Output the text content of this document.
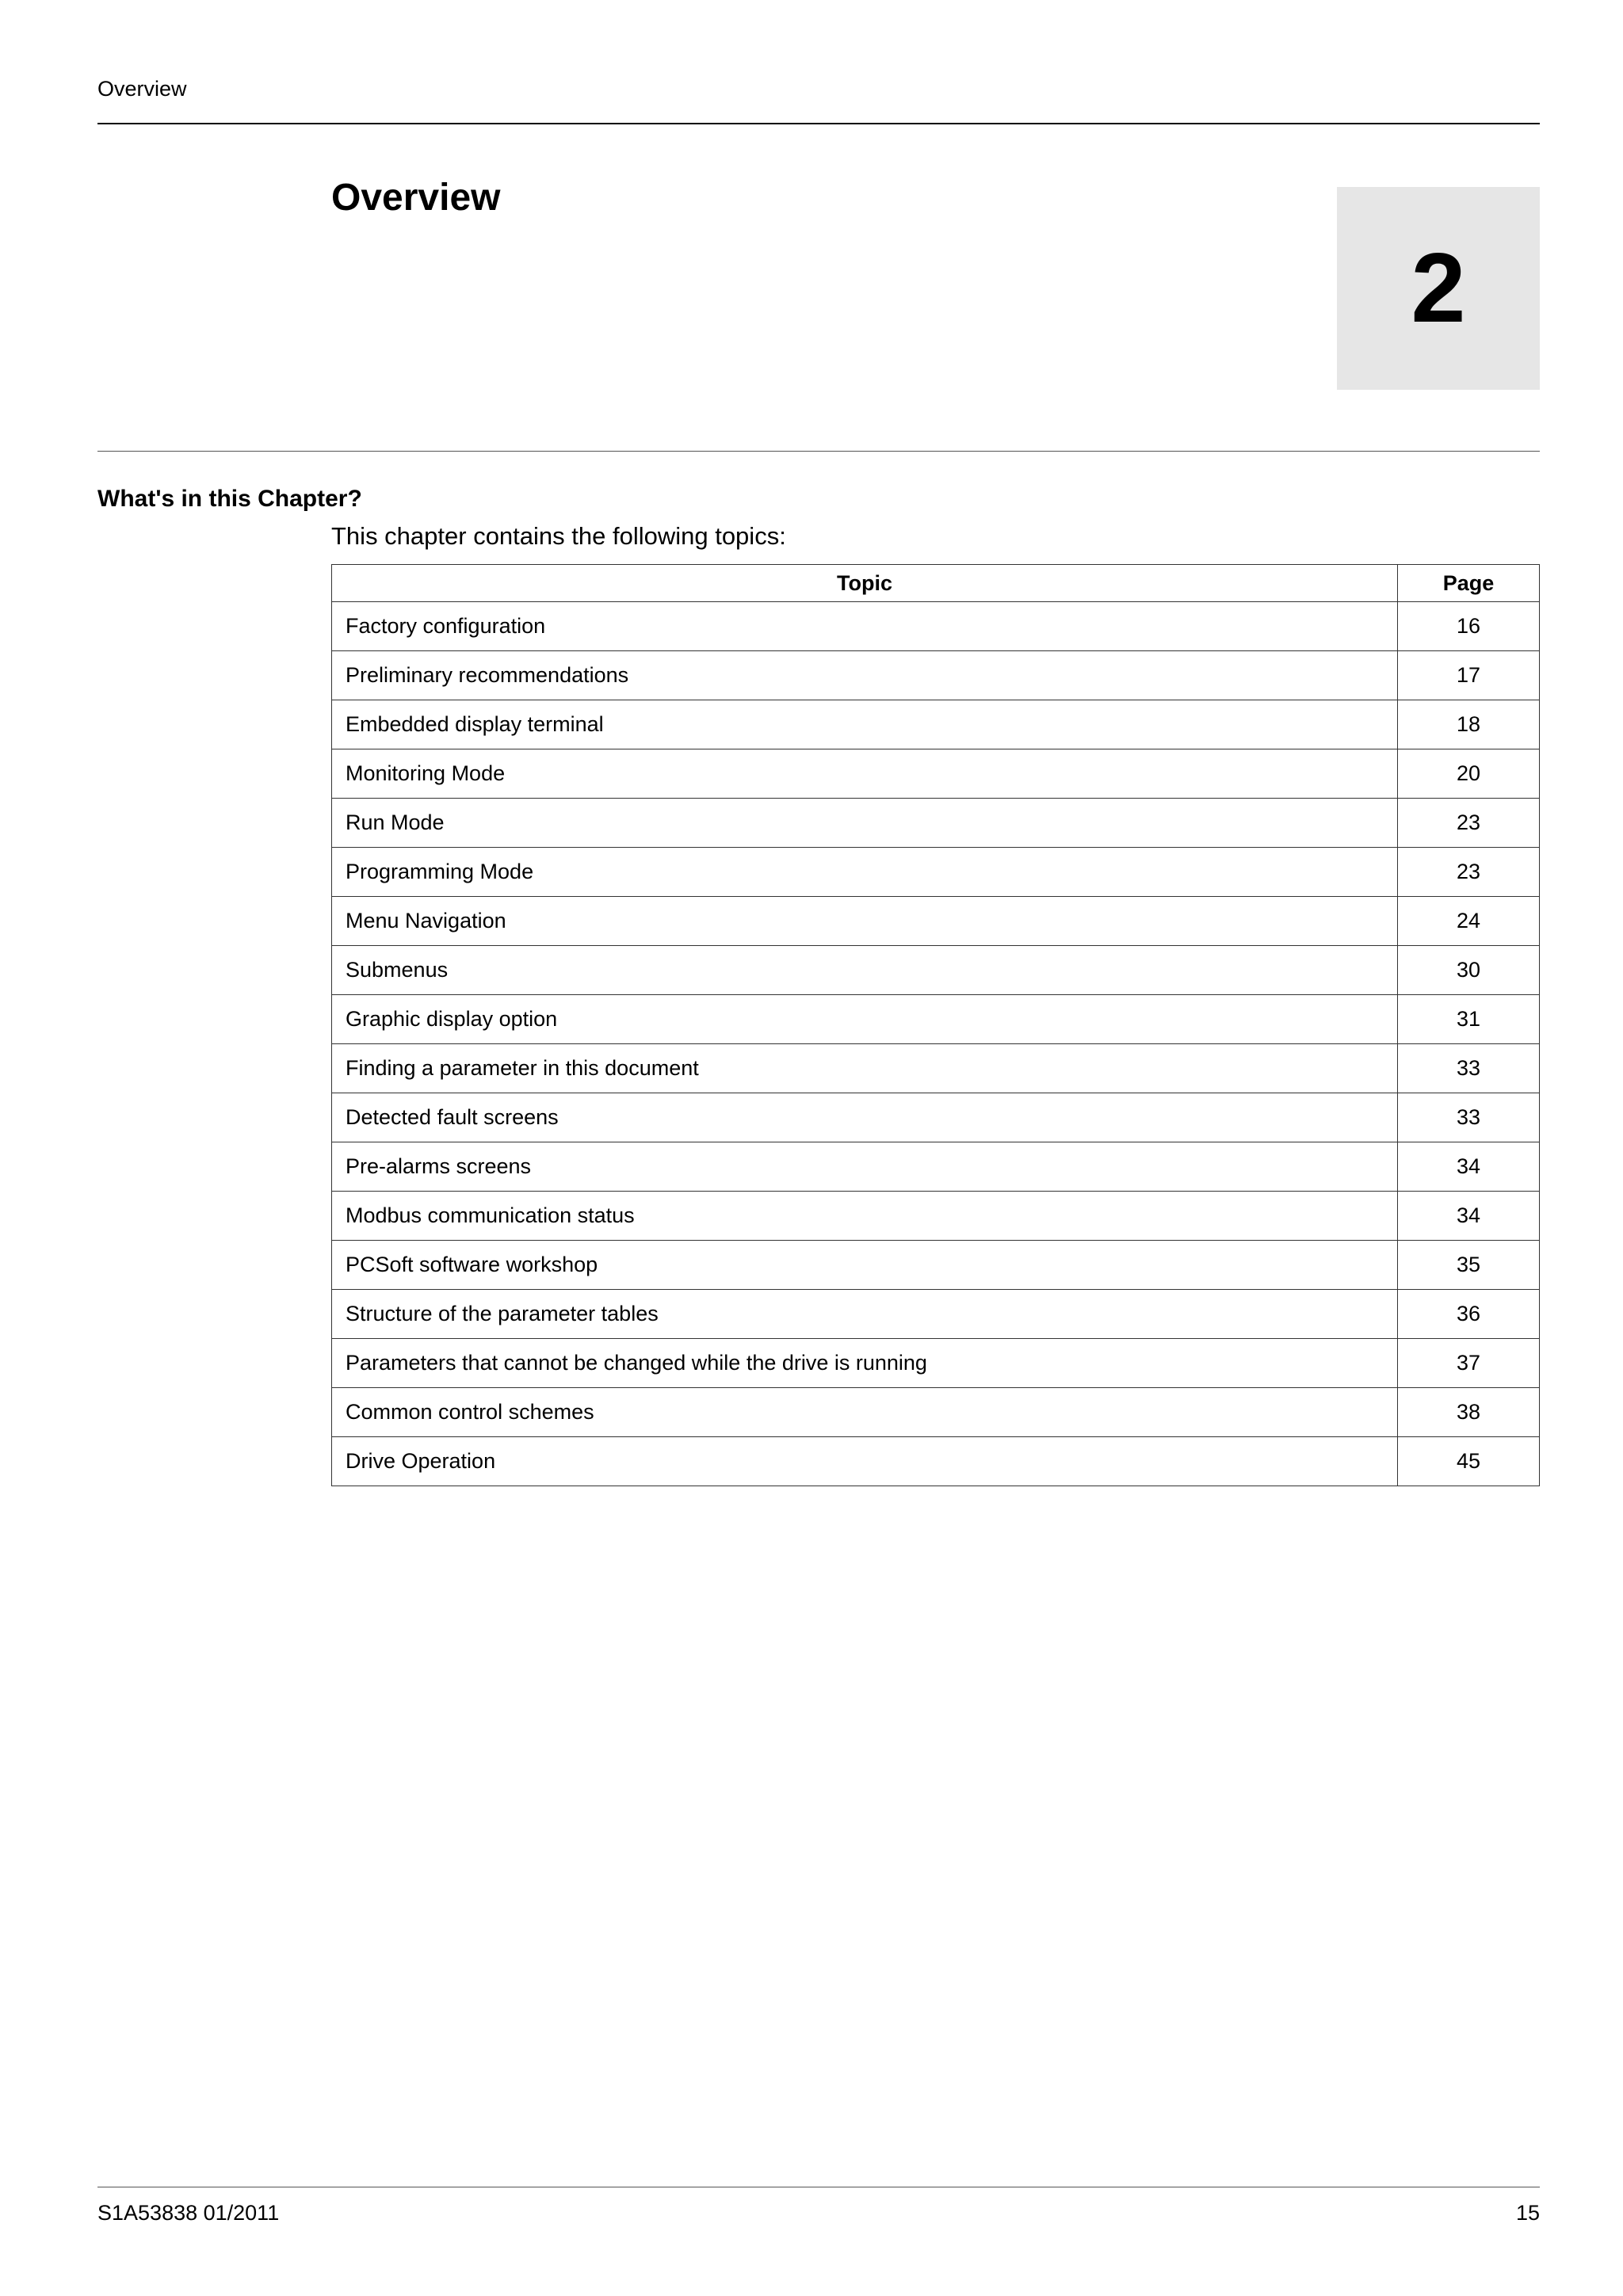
Overview
Overview
2
What's in this Chapter?
This chapter contains the following topics:
Topic	Page
Factory configuration	16
Preliminary recommendations	17
Embedded display terminal	18
Monitoring Mode	20
Run Mode	23
Programming Mode	23
Menu Navigation	24
Submenus	30
Graphic display option	31
Finding a parameter in this document	33
Detected fault screens	33
Pre-alarms screens	34
Modbus communication status	34
PCSoft software workshop	35
Structure of the parameter tables	36
Parameters that cannot be changed while the drive is running	37
Common control schemes	38
Drive Operation	45
S1A53838 01/2011	15
